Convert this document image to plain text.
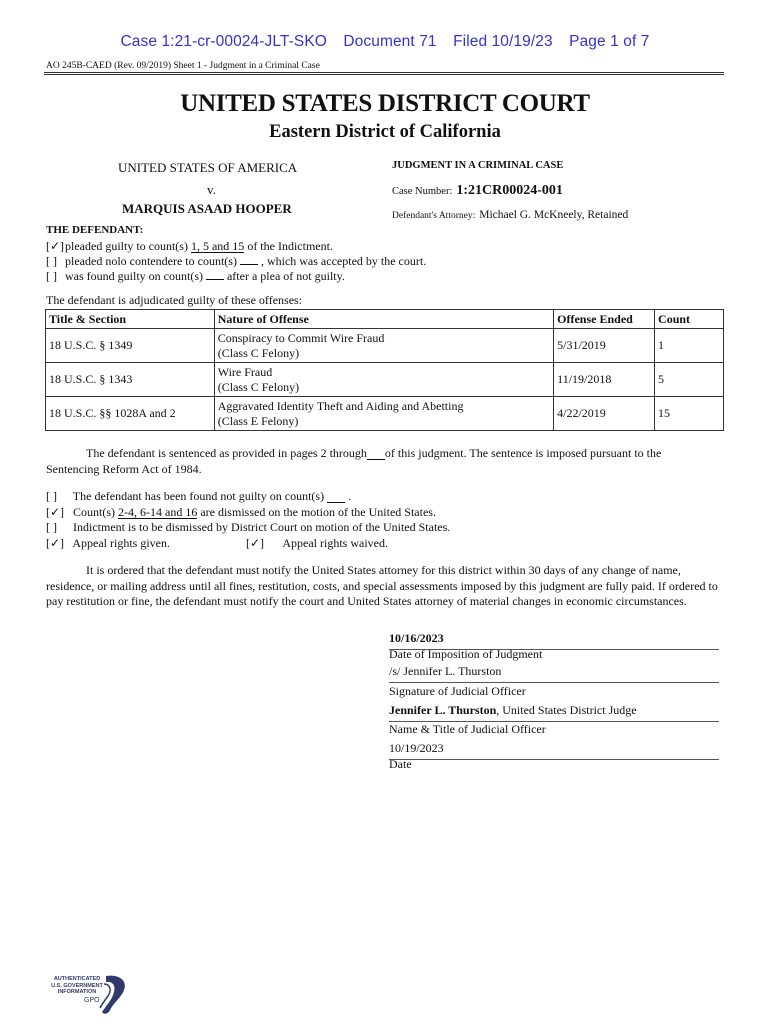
Case 1:21-cr-00024-JLT-SKO Document 71 Filed 10/19/23 Page 1 of 7
AO 245B-CAED (Rev. 09/2019) Sheet 1 - Judgment in a Criminal Case
UNITED STATES DISTRICT COURT
Eastern District of California
UNITED STATES OF AMERICA
v.
MARQUIS ASAAD HOOPER
JUDGMENT IN A CRIMINAL CASE
Case Number: 1:21CR00024-001
Defendant's Attorney: Michael G. McKneely, Retained
THE DEFENDANT:
[✓] pleaded guilty to count(s) 1, 5 and 15 of the Indictment.
[ ] pleaded nolo contendere to count(s) , which was accepted by the court.
[ ] was found guilty on count(s) after a plea of not guilty.
The defendant is adjudicated guilty of these offenses:
Title & Section	Nature of Offense	Offense Ended	Count
18 U.S.C. § 1349	Conspiracy to Commit Wire Fraud
(Class C Felony)	5/31/2019	1
18 U.S.C. § 1343	Wire Fraud
(Class C Felony)	11/19/2018	5
18 U.S.C. §§ 1028A and 2	Aggravated Identity Theft and Aiding and Abetting
(Class E Felony)	4/22/2019	15
The defendant is sentenced as provided in pages 2 through of this judgment. The sentence is imposed pursuant to the
Sentencing Reform Act of 1984.
[ ] The defendant has been found not guilty on count(s) .
[✓] Count(s) 2-4, 6-14 and 16 are dismissed on the motion of the United States.
[ ] Indictment is to be dismissed by District Court on motion of the United States.
[✓] Appeal rights given.	[✓] Appeal rights waived.
It is ordered that the defendant must notify the United States attorney for this district within 30 days of any change of name, residence, or mailing address until all fines, restitution, costs, and special assessments imposed by this judgment are fully paid. If ordered to pay restitution or fine, the defendant must notify the court and United States attorney of material changes in economic circumstances.
10/16/2023
Date of Imposition of Judgment
/s/ Jennifer L. Thurston
Signature of Judicial Officer
Jennifer L. Thurston, United States District Judge
Name & Title of Judicial Officer
10/19/2023
Date
AUTHENTICATED
U.S. GOVERNMENT
INFORMATION
GPO
